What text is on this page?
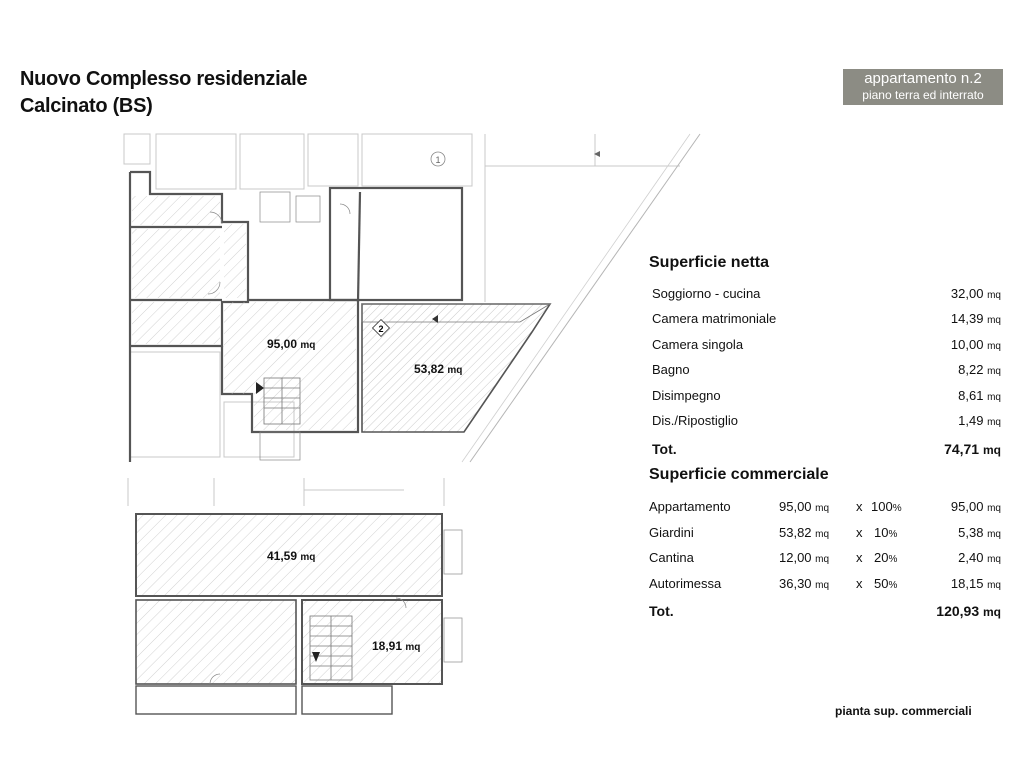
Nuovo Complesso residenziale
Calcinato (BS)
appartamento n.2
piano terra ed interrato
1
2
95,00 mq
53,82 mq
41,59 mq
18,91 mq
Superficie netta
Soggiorno - cucina	32,00 mq
Camera matrimoniale	14,39 mq
Camera singola	10,00 mq
Bagno	8,22 mq
Disimpegno	8,61 mq
Dis./Ripostiglio	1,49 mq
Tot.	74,71 mq
Superficie commerciale
Appartamento	95,00 mq x 100%	95,00 mq
Giardini	53,82 mq x 10%	5,38 mq
Cantina	12,00 mq x 20%	2,40 mq
Autorimessa	36,30 mq x 50%	18,15 mq
Tot.	120,93 mq
pianta sup. commerciali
